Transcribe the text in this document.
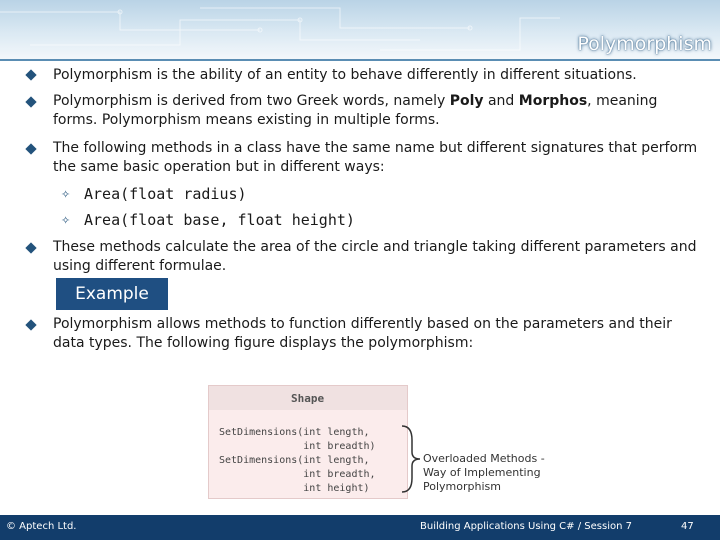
Polymorphism
Polymorphism is the ability of an entity to behave differently in different situations.
Polymorphism is derived from two Greek words, namely Poly and Morphos, meaning forms. Polymorphism means existing in multiple forms.
The following methods in a class have the same name but different signatures that perform the same basic operation but in different ways:
✧ Area(float radius)
✧ Area(float base, float height)
These methods calculate the area of the circle and triangle taking different parameters and using different formulae.
Example
Polymorphism allows methods to function differently based on the parameters and their data types. The following figure displays the polymorphism:
Shape
SetDimensions(int length,
int breadth)
SetDimensions(int length,
int breadth,
int height)
Overloaded Methods -
Way of Implementing
Polymorphism
© Aptech Ltd.	Building Applications Using C# / Session 7	47
